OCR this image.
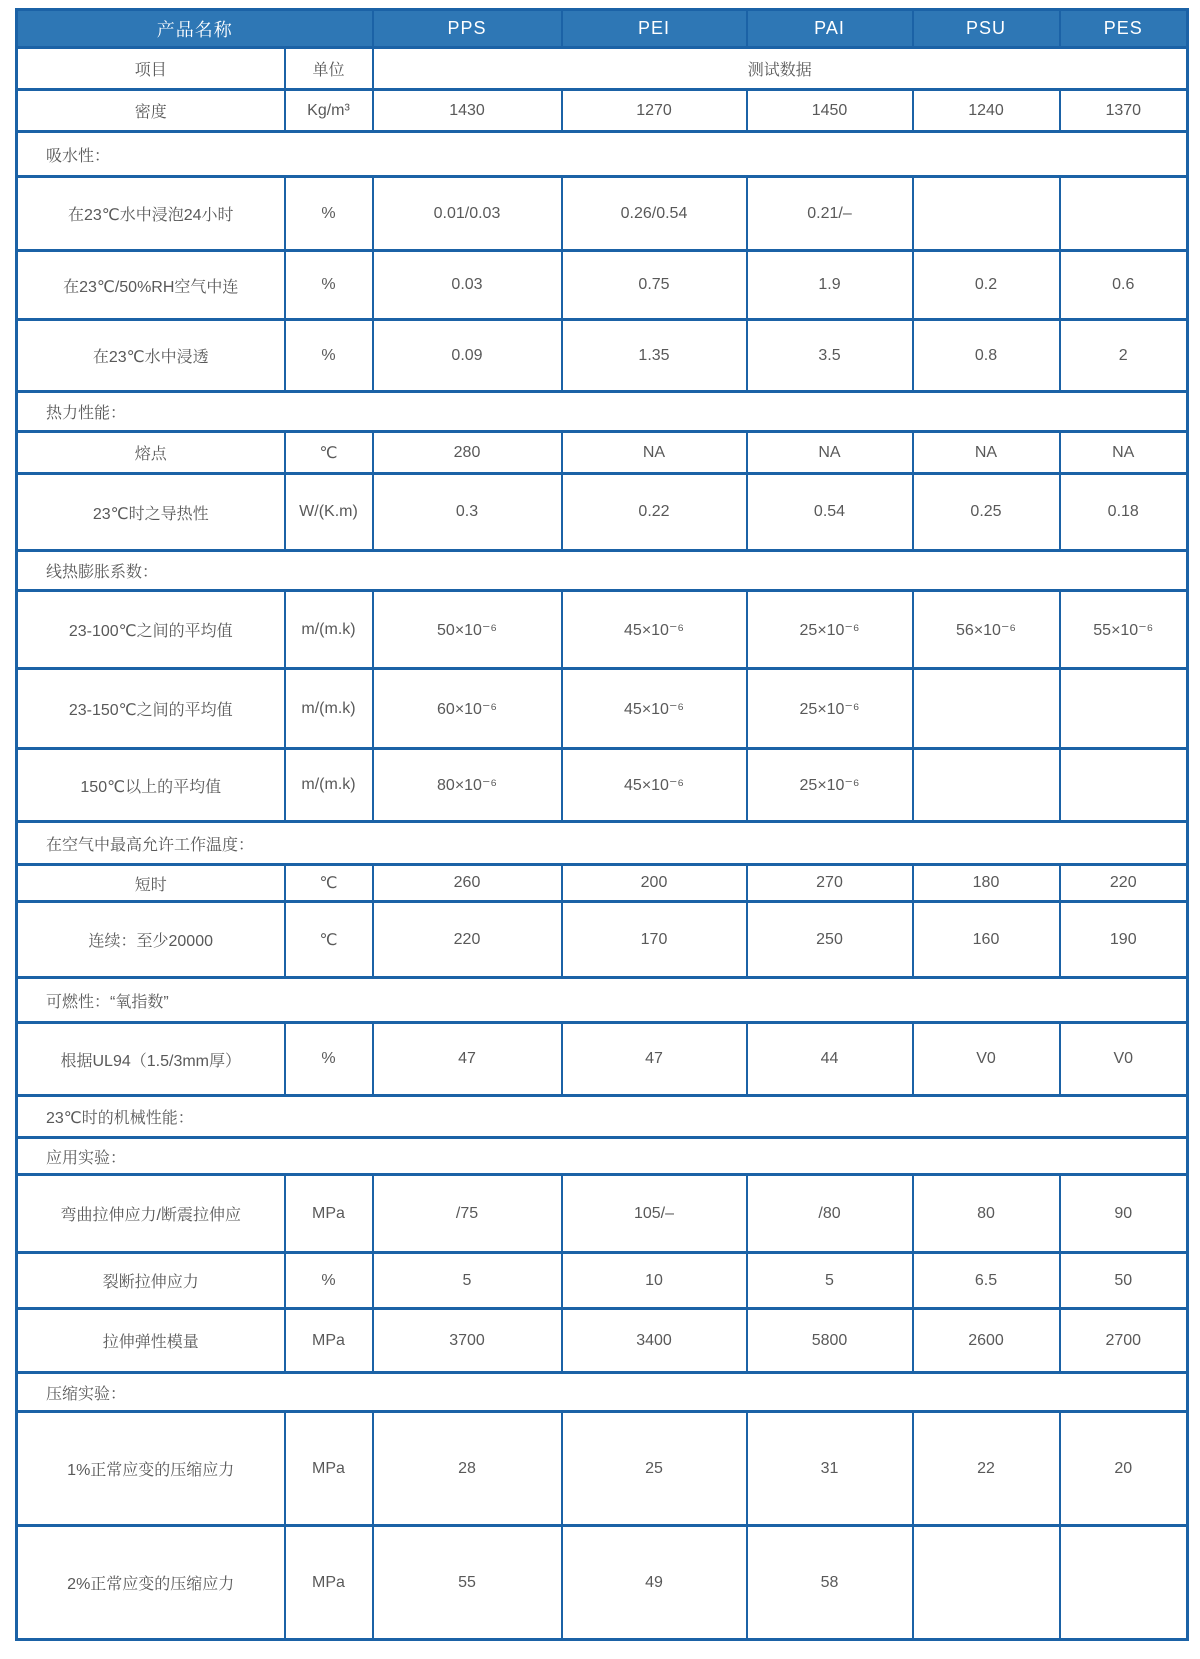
产品名称		PPS	PEI	PAI	PSU	PES
项目	单位	测试数据				
密度	Kg/m³	1430	1270	1450	1240	1370
吸水性：						
在23℃水中浸泡24小时	%	0.01/0.03	0.26/0.54	0.21/–		
在23℃/50%RH空气中连	%	0.03	0.75	1.9	0.2	0.6
在23℃水中浸透	%	0.09	1.35	3.5	0.8	2
热力性能：						
熔点	℃	280	NA	NA	NA	NA
23℃时之导热性	W/(K.m)	0.3	0.22	0.54	0.25	0.18
线热膨胀系数：						
23-100℃之间的平均值	m/(m.k)	50×10⁻⁶	45×10⁻⁶	25×10⁻⁶	56×10⁻⁶	55×10⁻⁶
23-150℃之间的平均值	m/(m.k)	60×10⁻⁶	45×10⁻⁶	25×10⁻⁶		
150℃以上的平均值	m/(m.k)	80×10⁻⁶	45×10⁻⁶	25×10⁻⁶		
在空气中最高允许工作温度：						
短时	℃	260	200	270	180	220
连续：至少20000	℃	220	170	250	160	190
可燃性：“氧指数”						
根据UL94（1.5/3mm厚）	%	47	47	44	V0	V0
23℃时的机械性能：						
应用实验：						
弯曲拉伸应力/断震拉伸应	MPa	/75	105/–	/80	80	90
裂断拉伸应力	%	5	10	5	6.5	50
拉伸弹性模量	MPa	3700	3400	5800	2600	2700
压缩实验：						
1%正常应变的压缩应力	MPa	28	25	31	22	20
2%正常应变的压缩应力	MPa	55	49	58		
